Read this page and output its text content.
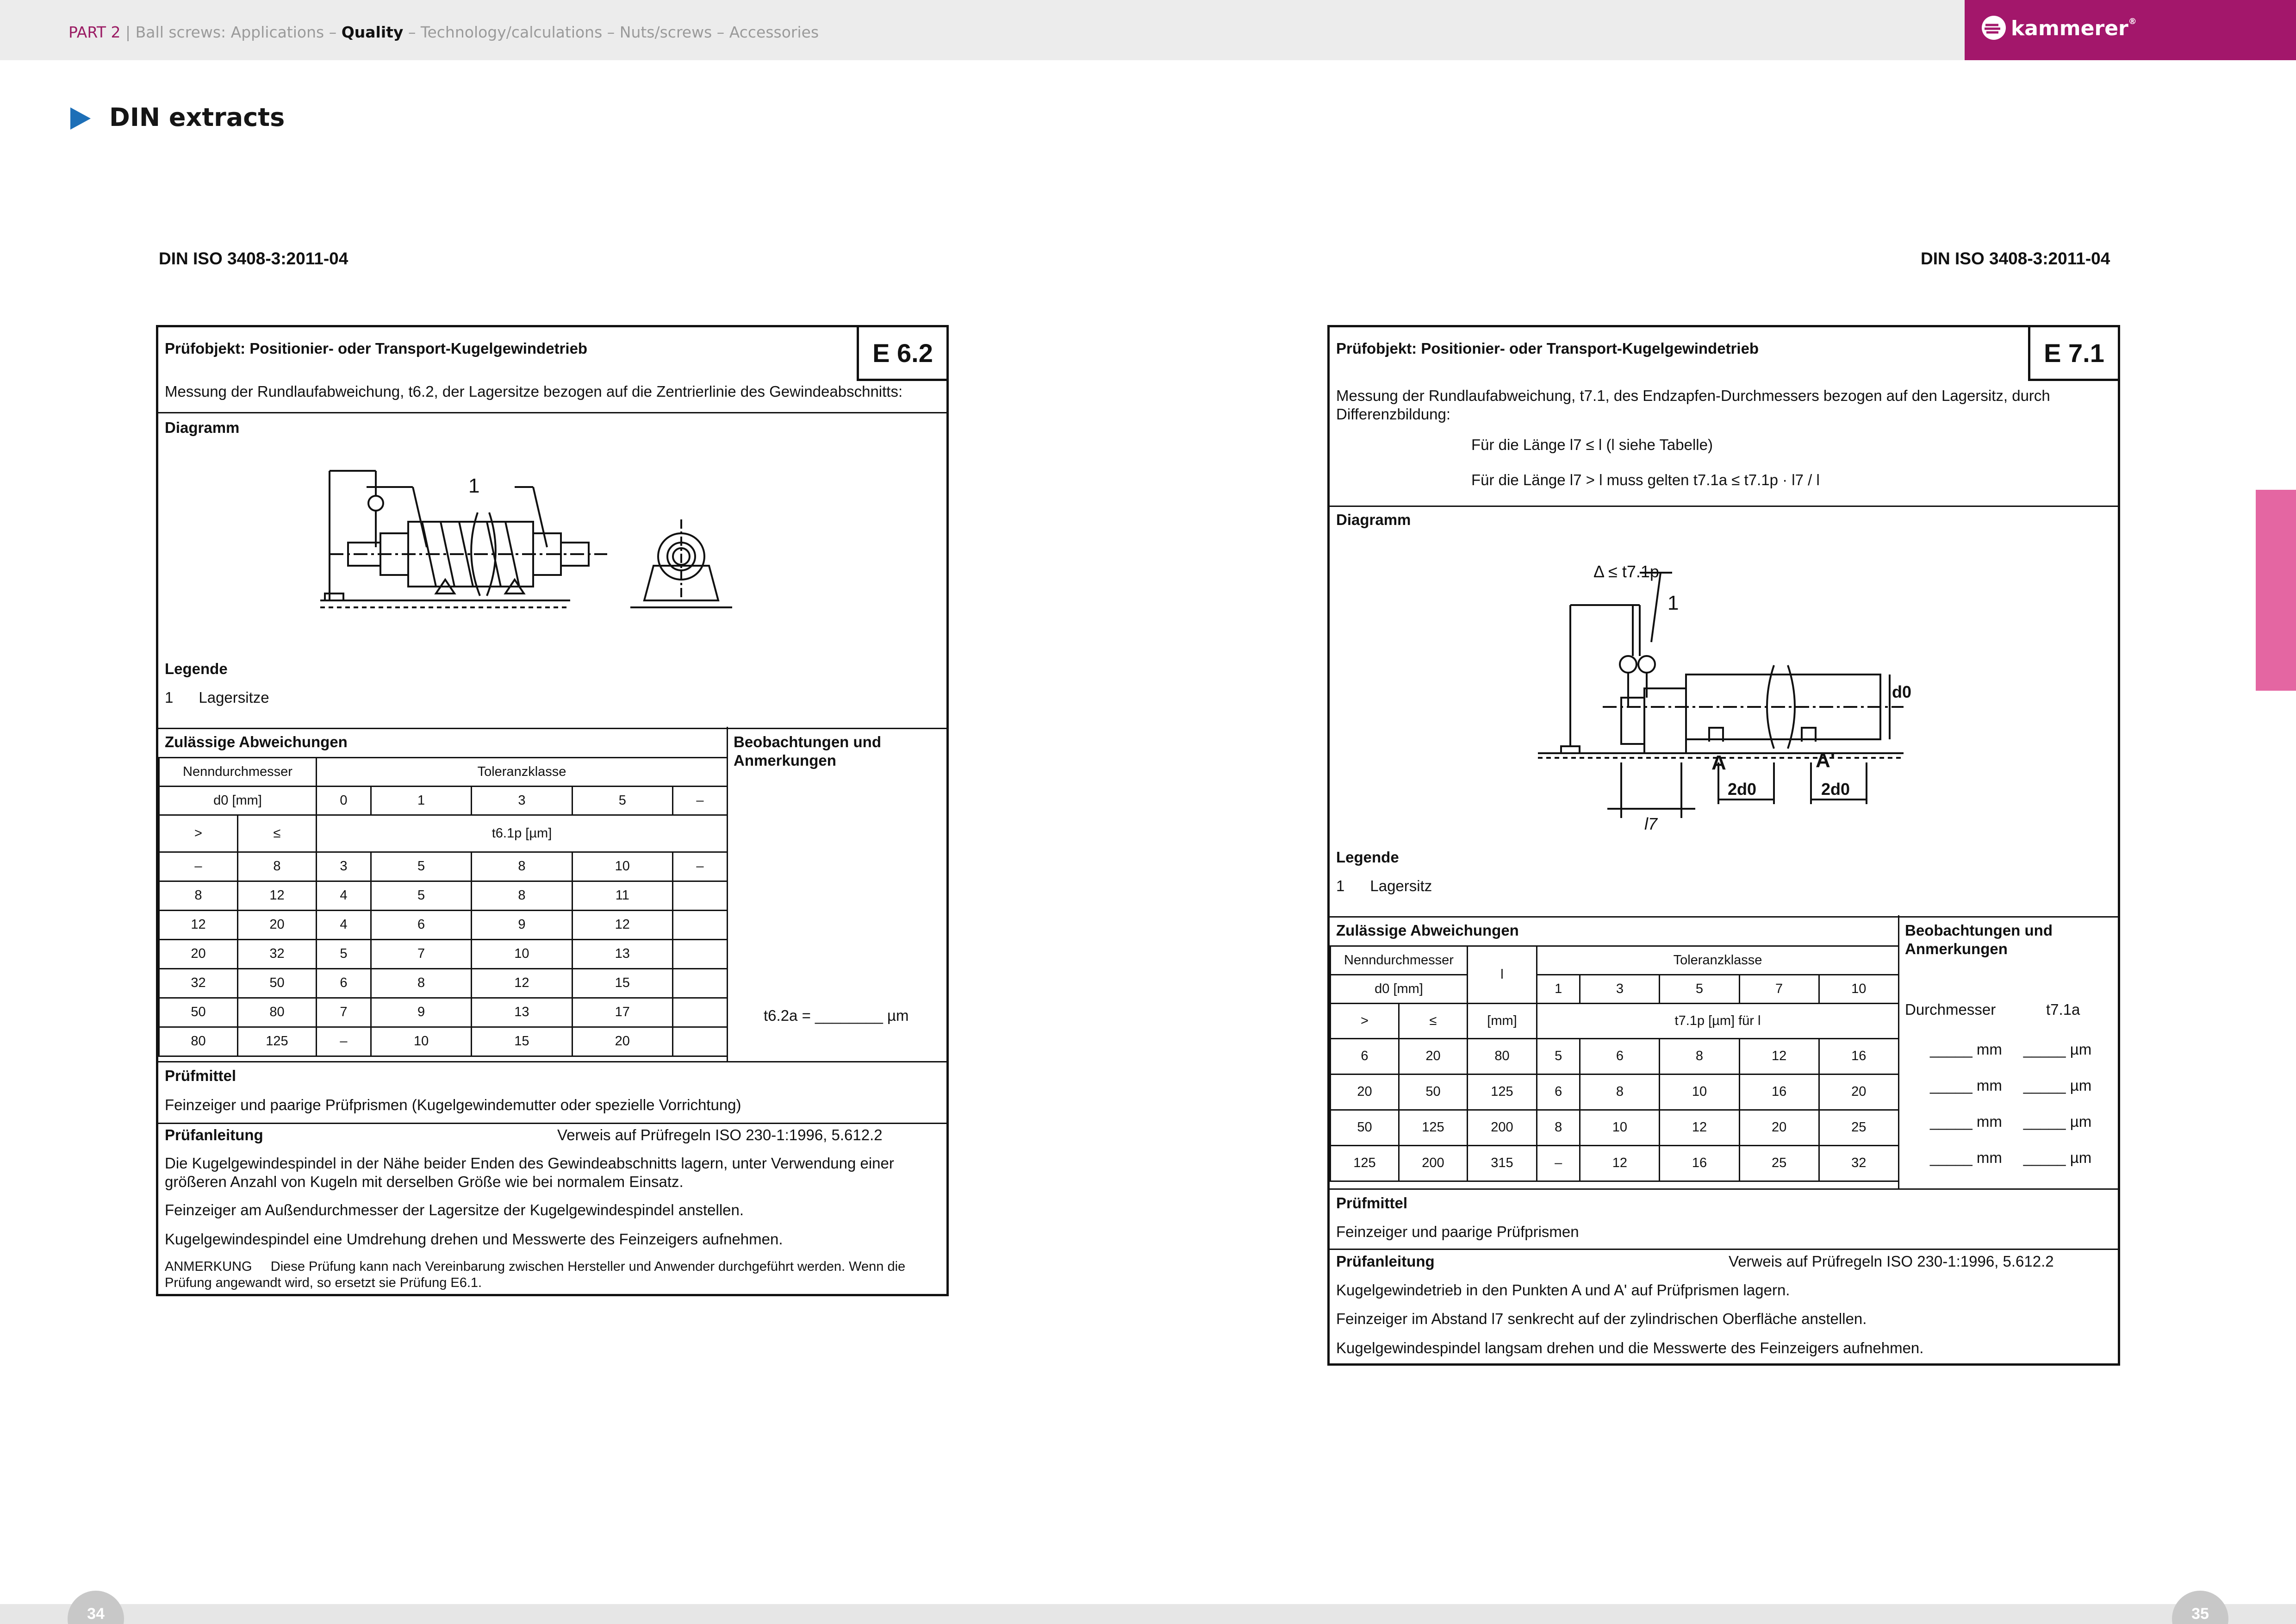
PART 2 | Ball screws: Applications – Quality – Technology/calculations – Nuts/screws – Accessories	kammerer®
DIN extracts
DIN ISO 3408-3:2011-04
Prüfobjekt: Positionier- oder Transport-Kugelgewindetrieb	E 6.2
Messung der Rundlaufabweichung, t6.2, der Lagersitze bezogen auf die Zentrierlinie des Gewindeabschnitts:
Diagramm
1
Legende
1      Lagersitze
Zulässige Abweichungen	Beobachtungen und Anmerkungen
Nenndurchmesser		Toleranzklasse				
d0 [mm]		0	1	3	5	–
>	≤	t6.1p [µm]				
–	8	3	5	8	10	–
8	12	4	5	8	11	
12	20	4	6	9	12	
20	32	5	7	10	13	
32	50	6	8	12	15	
50	80	7	9	13	17	
80	125	–	10	15	20	
t6.2a = ________ µm
Prüfmittel
Feinzeiger und paarige Prüfprismen (Kugelgewindemutter oder spezielle Vorrichtung)
Prüfanleitung	Verweis auf Prüfregeln ISO 230-1:1996, 5.612.2
Die Kugelgewindespindel in der Nähe beider Enden des Gewindeabschnitts lagern, unter Verwendung einer größeren Anzahl von Kugeln mit derselben Größe wie bei normalem Einsatz.
Feinzeiger am Außendurchmesser der Lagersitze der Kugelgewindespindel anstellen.
Kugelgewindespindel eine Umdrehung drehen und Messwerte des Feinzeigers aufnehmen.
ANMERKUNG     Diese Prüfung kann nach Vereinbarung zwischen Hersteller und Anwender durchgeführt werden. Wenn die Prüfung angewandt wird, so ersetzt sie Prüfung E6.1.
DIN ISO 3408-3:2011-04
Prüfobjekt: Positionier- oder Transport-Kugelgewindetrieb	E 7.1
Messung der Rundlaufabweichung, t7.1, des Endzapfen-Durchmessers bezogen auf den Lagersitz, durch Differenzbildung:
Für die Länge l7 ≤ l (l siehe Tabelle)
Für die Länge l7 > l muss gelten t7.1a ≤ t7.1p · l7 / l
Diagramm
Δ ≤ t7.1p
1
A	A'
2d0	2d0
d0
l7
Legende
1      Lagersitz
Zulässige Abweichungen	Beobachtungen und Anmerkungen
Nenndurchmesser		l	Toleranzklasse				
d0 [mm]			1	3	5	7	10
>	≤	[mm]	t7.1p [µm] für l				
6	20	80	5	6	8	12	16
20	50	125	6	8	10	16	20
50	125	200	8	10	12	20	25
125	200	315	–	12	16	25	32
Durchmesser	t7.1a
_____ mm     _____ µm
_____ mm     _____ µm
_____ mm     _____ µm
_____ mm     _____ µm
Prüfmittel
Feinzeiger und paarige Prüfprismen
Prüfanleitung	Verweis auf Prüfregeln ISO 230-1:1996, 5.612.2
Kugelgewindetrieb in den Punkten A und A' auf Prüfprismen lagern.
Feinzeiger im Abstand l7 senkrecht auf der zylindrischen Oberfläche anstellen.
Kugelgewindespindel langsam drehen und die Messwerte des Feinzeigers aufnehmen.
34	35
